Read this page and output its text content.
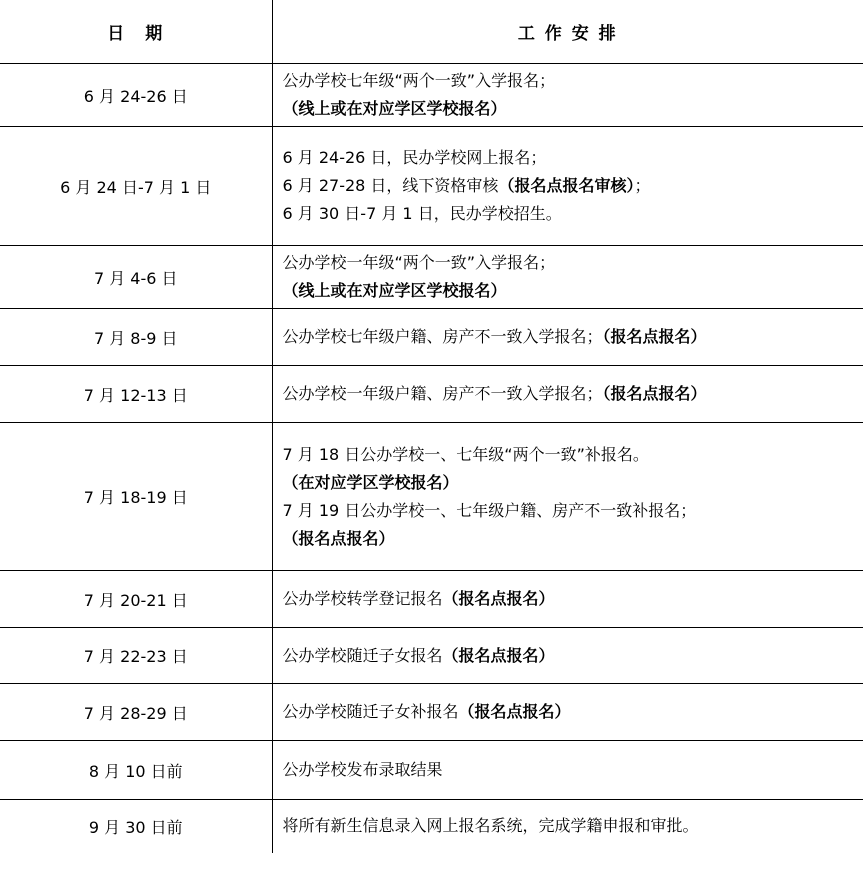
日　期	工 作 安 排
6 月 24-26 日	公办学校七年级“两个一致”入学报名；
（线上或在对应学区学校报名）

6 月 24 日-7 月 1 日	6 月 24-26 日，民办学校网上报名；
6 月 27-28 日，线下资格审核（报名点报名审核）；
6 月 30 日-7 月 1 日，民办学校招生。

7 月 4-6 日	公办学校一年级“两个一致”入学报名；
（线上或在对应学区学校报名）

7 月 8-9 日	公办学校七年级户籍、房产不一致入学报名；（报名点报名）

7 月 12-13 日	公办学校一年级户籍、房产不一致入学报名；（报名点报名）

7 月 18-19 日	7 月 18 日公办学校一、七年级“两个一致”补报名。
（在对应学区学校报名）
7 月 19 日公办学校一、七年级户籍、房产不一致补报名；
（报名点报名）

7 月 20-21 日	公办学校转学登记报名（报名点报名）

7 月 22-23 日	公办学校随迁子女报名（报名点报名）

7 月 28-29 日	公办学校随迁子女补报名（报名点报名）

8 月 10 日前	公办学校发布录取结果

9 月 30 日前	将所有新生信息录入网上报名系统，完成学籍申报和审批。
